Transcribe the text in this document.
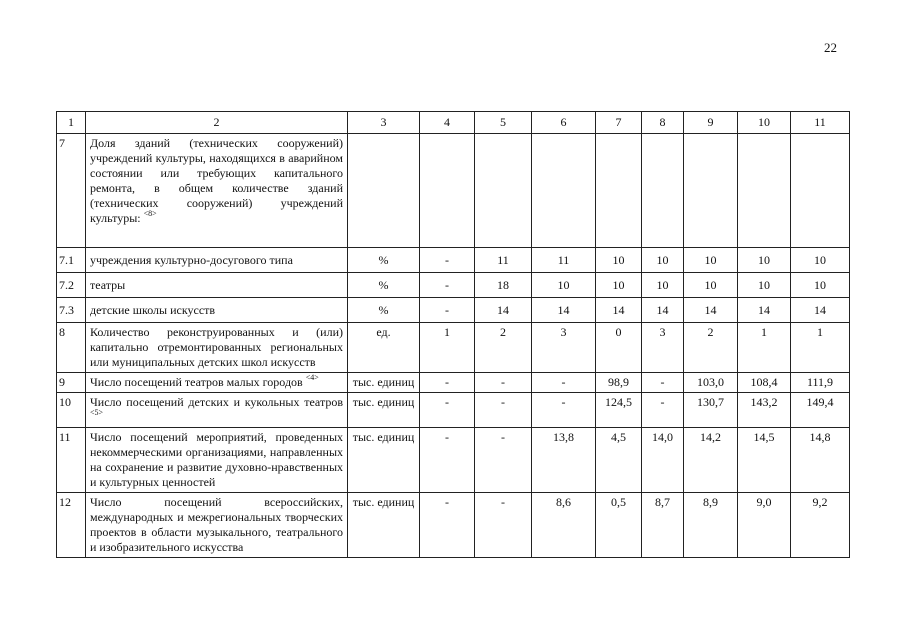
22
1	2	3	4	5	6	7	8	9	10	11
7	Доля зданий (технических сооружений) учреждений культуры, находящихся в аварийном состоянии или требующих капитального ремонта, в общем количестве зданий (технических сооружений) учреждений культуры: $^{<8>}$									
7.1	учреждения культурно-досугового типа	%	-	11	11	10	10	10	10	10
7.2	театры	%	-	18	10	10	10	10	10	10
7.3	детские школы искусств	%	-	14	14	14	14	14	14	14
8	Количество реконструированных и (или) капитально отремонтированных региональных или муниципальных детских школ искусств	ед.	1	2	3	0	3	2	1	1
9	Число посещений театров малых городов $^{<4>}$	тыс. единиц	-	-	-	98,9	-	103,0	108,4	111,9
10	Число посещений детских и кукольных театров $^{<5>}$	тыс. единиц	-	-	-	124,5	-	130,7	143,2	149,4
11	Число посещений мероприятий, проведенных некоммерческими организациями, направленных на сохранение и развитие духовно-нравственных и культурных ценностей	тыс. единиц	-	-	13,8	4,5	14,0	14,2	14,5	14,8
12	Число посещений всероссийских, международных и межрегиональных творческих проектов в области музыкального, театрального и изобразительного искусства	тыс. единиц	-	-	8,6	0,5	8,7	8,9	9,0	9,2
